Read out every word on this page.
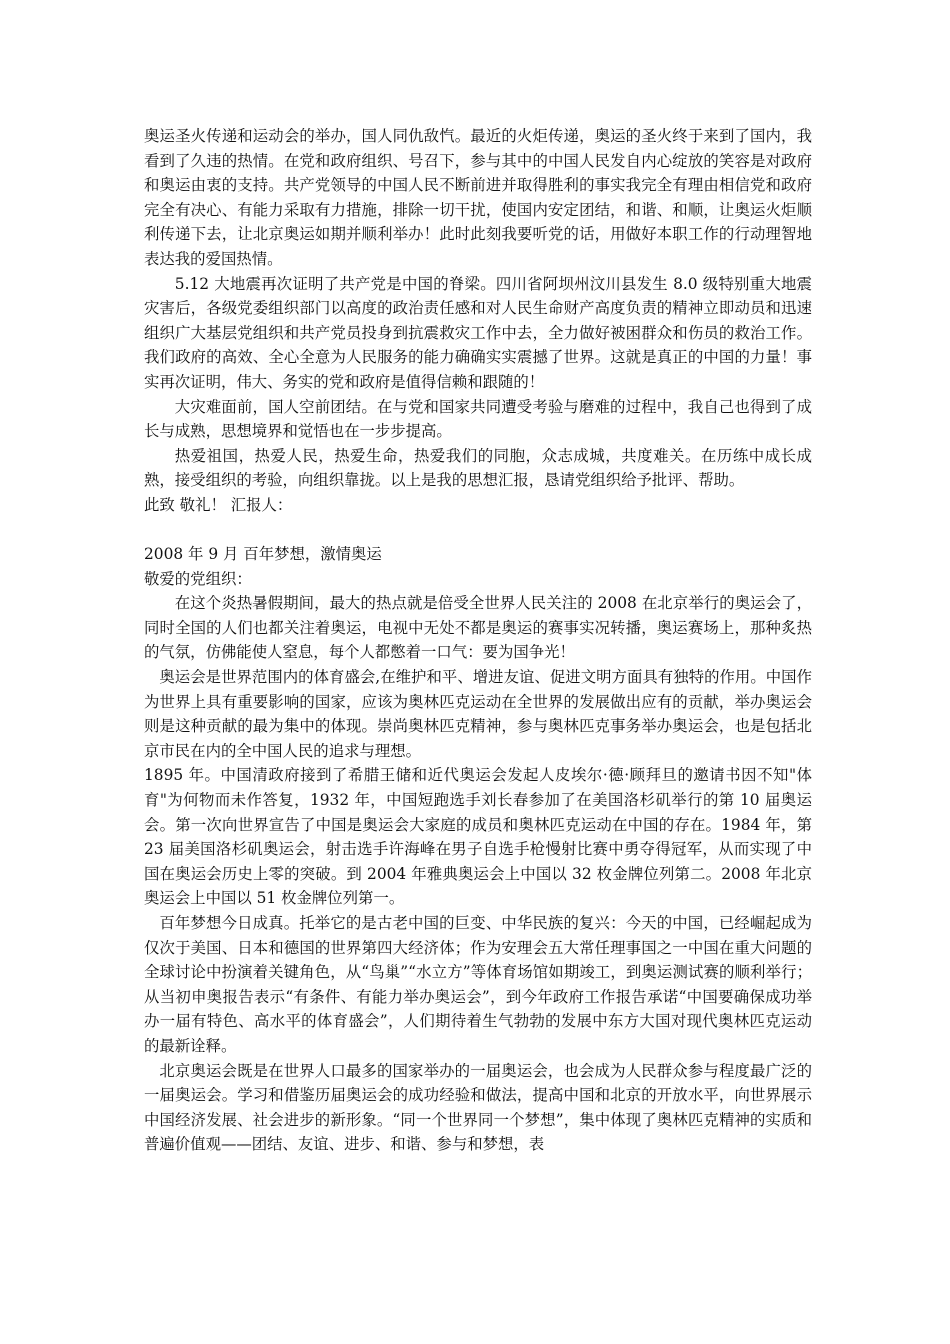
奥运圣火传递和运动会的举办，国人同仇敌忾。最近的火炬传递，奥运的圣火终于来到了国内，我看到了久违的热情。在党和政府组织、号召下，参与其中的中国人民发自内心绽放的笑容是对政府和奥运由衷的支持。共产党领导的中国人民不断前进并取得胜利的事实我完全有理由相信党和政府完全有决心、有能力采取有力措施，排除一切干扰，使国内安定团结，和谐、和顺，让奥运火炬顺利传递下去，让北京奥运如期并顺利举办！此时此刻我要听党的话，用做好本职工作的行动理智地表达我的爱国热情。

5.12 大地震再次证明了共产党是中国的脊梁。四川省阿坝州汶川县发生 8.0 级特别重大地震灾害后，各级党委组织部门以高度的政治责任感和对人民生命财产高度负责的精神立即动员和迅速组织广大基层党组织和共产党员投身到抗震救灾工作中去，全力做好被困群众和伤员的救治工作。我们政府的高效、全心全意为人民服务的能力确确实实震撼了世界。这就是真正的中国的力量！事实再次证明，伟大、务实的党和政府是值得信赖和跟随的！

大灾难面前，国人空前团结。在与党和国家共同遭受考验与磨难的过程中，我自己也得到了成长与成熟，思想境界和觉悟也在一步步提高。

热爱祖国，热爱人民，热爱生命，热爱我们的同胞，众志成城，共度难关。在历练中成长成熟，接受组织的考验，向组织靠拢。以上是我的思想汇报，恳请党组织给予批评、帮助。

此致 敬礼！ 汇报人：

2008 年 9 月 百年梦想，激情奥运

敬爱的党组织：

在这个炎热暑假期间，最大的热点就是倍受全世界人民关注的 2008 在北京举行的奥运会了，同时全国的人们也都关注着奥运，电视中无处不都是奥运的赛事实况转播，奥运赛场上，那种炙热的气氛，仿佛能使人窒息，每个人都憋着一口气：要为国争光！

奥运会是世界范围内的体育盛会,在维护和平、增进友谊、促进文明方面具有独特的作用。中国作为世界上具有重要影响的国家，应该为奥林匹克运动在全世界的发展做出应有的贡献，举办奥运会则是这种贡献的最为集中的体现。崇尚奥林匹克精神，参与奥林匹克事务举办奥运会，也是包括北京市民在内的全中国人民的追求与理想。

1895 年。中国清政府接到了希腊王储和近代奥运会发起人皮埃尔·德·顾拜旦的邀请书因不知"体育"为何物而未作答复，1932 年，中国短跑选手刘长春参加了在美国洛杉矶举行的第 10 届奥运会。第一次向世界宣告了中国是奥运会大家庭的成员和奥林匹克运动在中国的存在。1984 年，第 23 届美国洛杉矶奥运会，射击选手许海峰在男子自选手枪慢射比赛中勇夺得冠军，从而实现了中国在奥运会历史上零的突破。到 2004 年雅典奥运会上中国以 32 枚金牌位列第二。2008 年北京奥运会上中国以 51 枚金牌位列第一。

百年梦想今日成真。托举它的是古老中国的巨变、中华民族的复兴：今天的中国，已经崛起成为仅次于美国、日本和德国的世界第四大经济体；作为安理会五大常任理事国之一中国在重大问题的全球讨论中扮演着关键角色，从“鸟巢”“水立方”等体育场馆如期竣工，到奥运测试赛的顺利举行；从当初申奥报告表示“有条件、有能力举办奥运会”，到今年政府工作报告承诺“中国要确保成功举办一届有特色、高水平的体育盛会”，人们期待着生气勃勃的发展中东方大国对现代奥林匹克运动的最新诠释。

北京奥运会既是在世界人口最多的国家举办的一届奥运会，也会成为人民群众参与程度最广泛的一届奥运会。学习和借鉴历届奥运会的成功经验和做法，提高中国和北京的开放水平，向世界展示中国经济发展、社会进步的新形象。“同一个世界同一个梦想”，集中体现了奥林匹克精神的实质和普遍价值观——团结、友谊、进步、和谐、参与和梦想，表
